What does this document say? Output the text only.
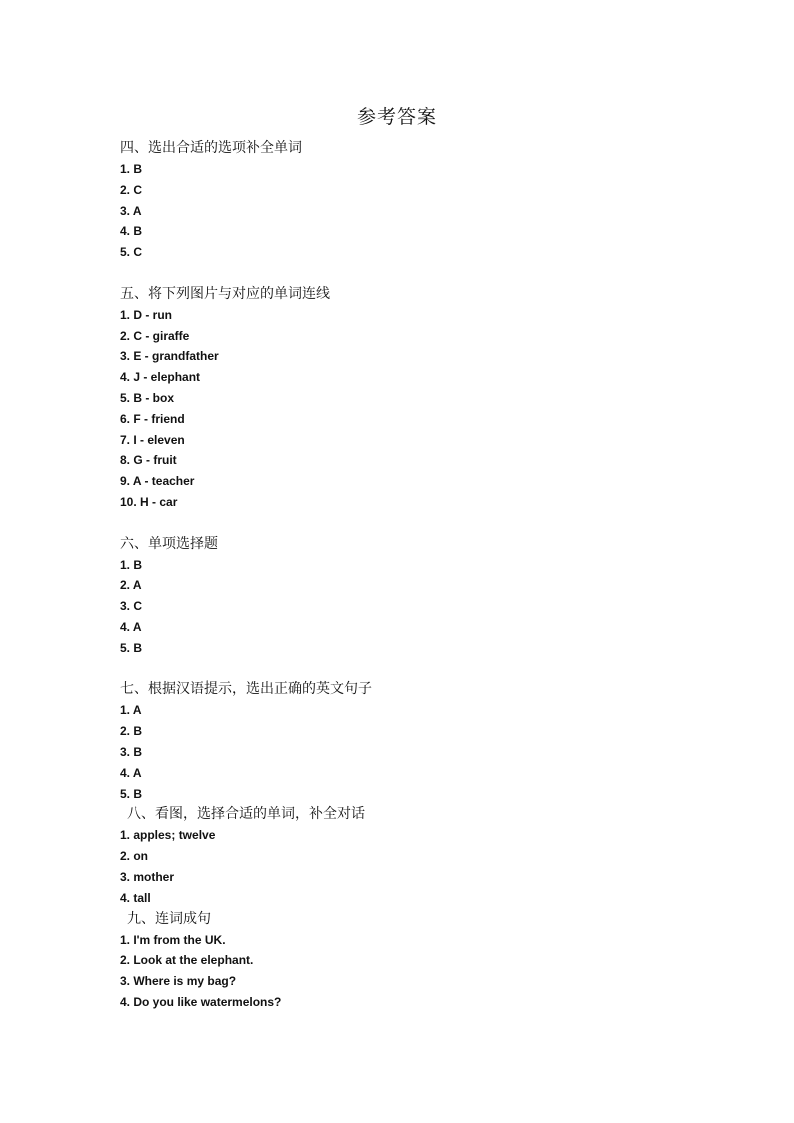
参考答案
四、选出合适的选项补全单词
1. B
2. C
3. A
4. B
5. C
五、将下列图片与对应的单词连线
1. D - run
2. C - giraffe
3. E - grandfather
4. J - elephant
5. B - box
6. F - friend
7. I - eleven
8. G - fruit
9. A - teacher
10. H - car
六、单项选择题
1. B
2. A
3. C
4. A
5. B
七、根据汉语提示，选出正确的英文句子
1. A
2. B
3. B
4. A
5. B
八、看图，选择合适的单词，补全对话
1. apples; twelve
2. on
3. mother
4. tall
九、连词成句
1. I'm from the UK.
2. Look at the elephant.
3. Where is my bag?
4. Do you like watermelons?
